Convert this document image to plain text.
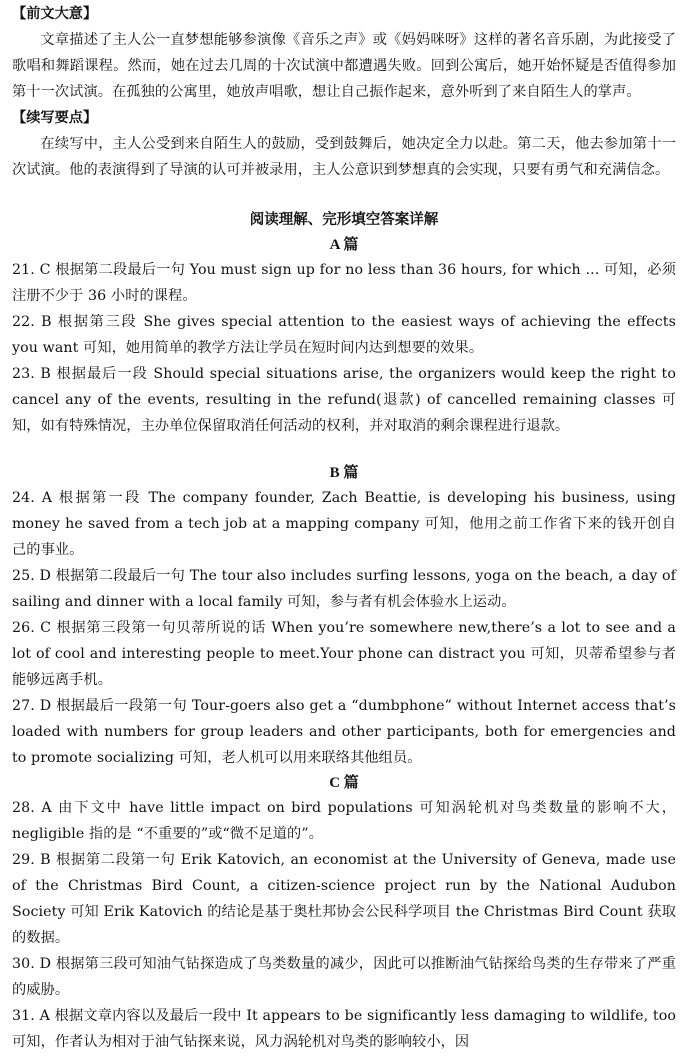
【前文大意】

文章描述了主人公一直梦想能够参演像《音乐之声》或《妈妈咪呀》这样的著名音乐剧，为此接受了歌唱和舞蹈课程。然而，她在过去几周的十次试演中都遭遇失败。回到公寓后，她开始怀疑是否值得参加第十一次试演。在孤独的公寓里，她放声唱歌，想让自己振作起来，意外听到了来自陌生人的掌声。

【续写要点】

在续写中，主人公受到来自陌生人的鼓励，受到鼓舞后，她决定全力以赴。第二天，他去参加第十一次试演。他的表演得到了导演的认可并被录用，主人公意识到梦想真的会实现，只要有勇气和充满信念。

阅读理解、完形填空答案详解
A 篇

21. C 根据第二段最后一句 You must sign up for no less than 36 hours, for which ... 可知，必须注册不少于 36 小时的课程。

22. B 根据第三段 She gives special attention to the easiest ways of achieving the effects you want 可知，她用简单的教学方法让学员在短时间内达到想要的效果。

23. B 根据最后一段 Should special situations arise, the organizers would keep the right to cancel any of the events, resulting in the refund(退款) of cancelled remaining classes 可知，如有特殊情况，主办单位保留取消任何活动的权利，并对取消的剩余课程进行退款。

B 篇

24. A 根据第一段 The company founder, Zach Beattie, is developing his business, using money he saved from a tech job at a mapping company 可知，他用之前工作省下来的钱开创自己的事业。

25. D 根据第二段最后一句 The tour also includes surfing lessons, yoga on the beach, a day of sailing and dinner with a local family 可知，参与者有机会体验水上运动。

26. C 根据第三段第一句贝蒂所说的话 When you’re somewhere new,there’s a lot to see and a lot of cool and interesting people to meet.Your phone can distract you 可知，贝蒂希望参与者能够远离手机。

27. D 根据最后一段第一句 Tour-goers also get a “dumbphone” without Internet access that’s loaded with numbers for group leaders and other participants, both for emergencies and to promote socializing 可知，老人机可以用来联络其他组员。

C 篇

28. A 由下文中 have little impact on bird populations 可知涡轮机对鸟类数量的影响不大，negligible 指的是 “不重要的”或“微不足道的”。

29. B 根据第二段第一句 Erik Katovich, an economist at the University of Geneva, made use of the Christmas Bird Count, a citizen-science project run by the National Audubon Society 可知 Erik Katovich 的结论是基于奥杜邦协会公民科学项目 the Christmas Bird Count 获取的数据。

30. D 根据第三段可知油气钻探造成了鸟类数量的减少，因此可以推断油气钻探给鸟类的生存带来了严重的威胁。

31. A 根据文章内容以及最后一段中 It appears to be significantly less damaging to wildlife, too 可知，作者认为相对于油气钻探来说，风力涡轮机对鸟类的影响较小，因
